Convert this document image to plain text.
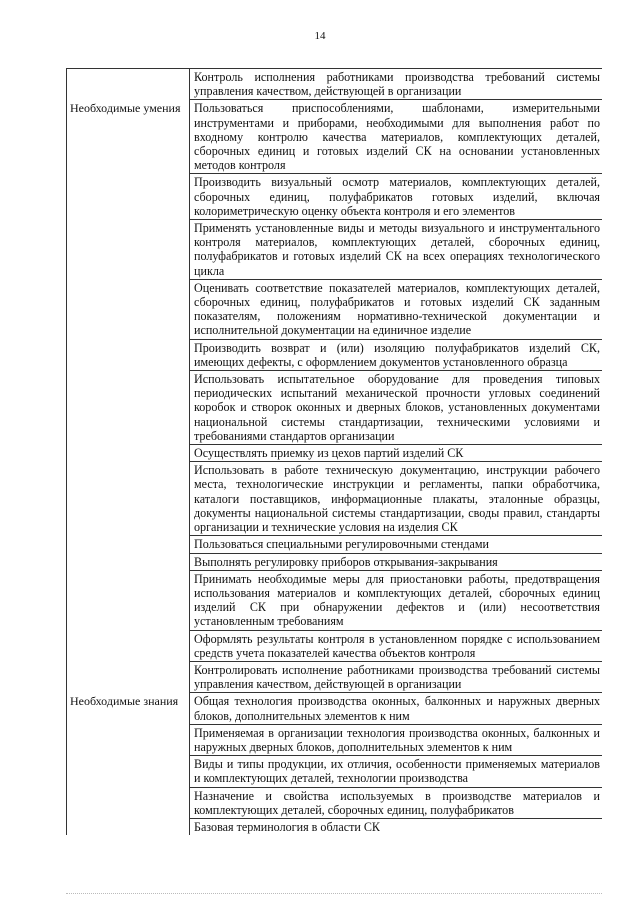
14
Контроль исполнения работниками производства требований системы управления качеством, действующей в организации
Необходимые умения	Пользоваться приспособлениями, шаблонами, измерительными инструментами и приборами, необходимыми для выполнения работ по входному контролю качества материалов, комплектующих деталей, сборочных единиц и готовых изделий СК на основании установленных методов контроля
Производить визуальный осмотр материалов, комплектующих деталей, сборочных единиц, полуфабрикатов готовых изделий, включая колориметрическую оценку объекта контроля и его элементов
Применять установленные виды и методы визуального и инструментального контроля материалов, комплектующих деталей, сборочных единиц, полуфабрикатов и готовых изделий СК на всех операциях технологического цикла
Оценивать соответствие показателей материалов, комплектующих деталей, сборочных единиц, полуфабрикатов и готовых изделий СК заданным показателям, положениям нормативно-технической документации и исполнительной документации на единичное изделие
Производить возврат и (или) изоляцию полуфабрикатов изделий СК, имеющих дефекты, с оформлением документов установленного образца
Использовать испытательное оборудование для проведения типовых периодических испытаний механической прочности угловых соединений коробок и створок оконных и дверных блоков, установленных документами национальной системы стандартизации, техническими условиями и требованиями стандартов организации
Осуществлять приемку из цехов партий изделий СК
Использовать в работе техническую документацию, инструкции рабочего места, технологические инструкции и регламенты, папки обработчика, каталоги поставщиков, информационные плакаты, эталонные образцы, документы национальной системы стандартизации, своды правил, стандарты организации и технические условия на изделия СК
Пользоваться специальными регулировочными стендами
Выполнять регулировку приборов открывания-закрывания
Принимать необходимые меры для приостановки работы, предотвращения использования материалов и комплектующих деталей, сборочных единиц изделий СК при обнаружении дефектов и (или) несоответствия установленным требованиям
Оформлять результаты контроля в установленном порядке с использованием средств учета показателей качества объектов контроля
Контролировать исполнение работниками производства требований системы управления качеством, действующей в организации
Необходимые знания	Общая технология производства оконных, балконных и наружных дверных блоков, дополнительных элементов к ним
Применяемая в организации технология производства оконных, балконных и наружных дверных блоков, дополнительных элементов к ним
Виды и типы продукции, их отличия, особенности применяемых материалов и комплектующих деталей, технологии производства
Назначение и свойства используемых в производстве материалов и комплектующих деталей, сборочных единиц, полуфабрикатов
Базовая терминология в области СК
